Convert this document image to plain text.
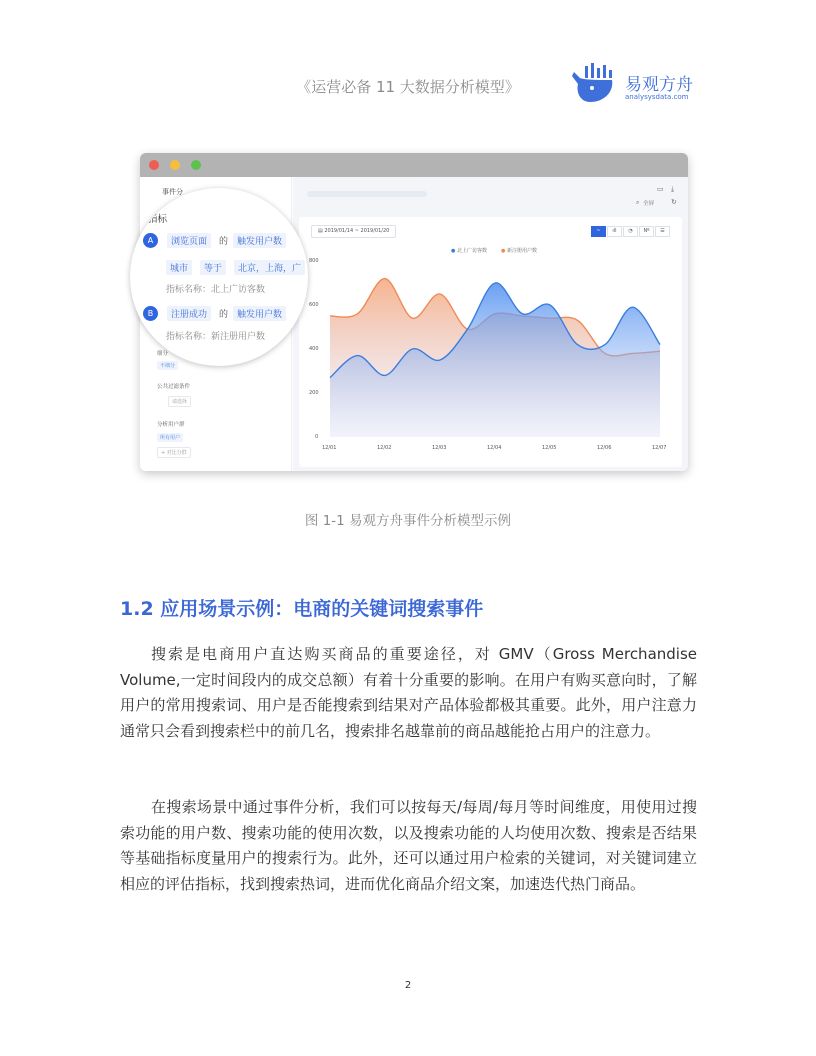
《运营必备 11 大数据分析模型》	易观方舟
analysysdata.com
事件分
细分
不细分
公共过滤条件
请选择
分析用户群
所有用户
+ 对比分群
▭ ⤓
⌕ 全屏 ↻
▤ 2019/01/14 ~ 2019/01/20	~	ıll	◔	Nº	☰
● 北上广访客数	● 新注册用户数
800
600
400
200
0
12/01	12/02	12/03	12/04	12/05	12/06	12/07
指标
A	浏览页面	的 触发用户数
城市	等于	北京，上海，广
指标名称：北上广访客数
B	注册成功	的 触发用户数
指标名称：新注册用户数
图 1-1 易观方舟事件分析模型示例
1.2 应用场景示例：电商的关键词搜索事件

搜索是电商用户直达购买商品的重要途径，对 GMV（Gross Merchandise Volume,一定时间段内的成交总额）有着十分重要的影响。在用户有购买意向时，了解用户的常用搜索词、用户是否能搜索到结果对产品体验都极其重要。此外，用户注意力通常只会看到搜索栏中的前几名，搜索排名越靠前的商品越能抢占用户的注意力。

在搜索场景中通过事件分析，我们可以按每天/每周/每月等时间维度，用使用过搜索功能的用户数、搜索功能的使用次数，以及搜索功能的人均使用次数、搜索是否结果等基础指标度量用户的搜索行为。此外，还可以通过用户检索的关键词，对关键词建立相应的评估指标，找到搜索热词，进而优化商品介绍文案，加速迭代热门商品。

2
